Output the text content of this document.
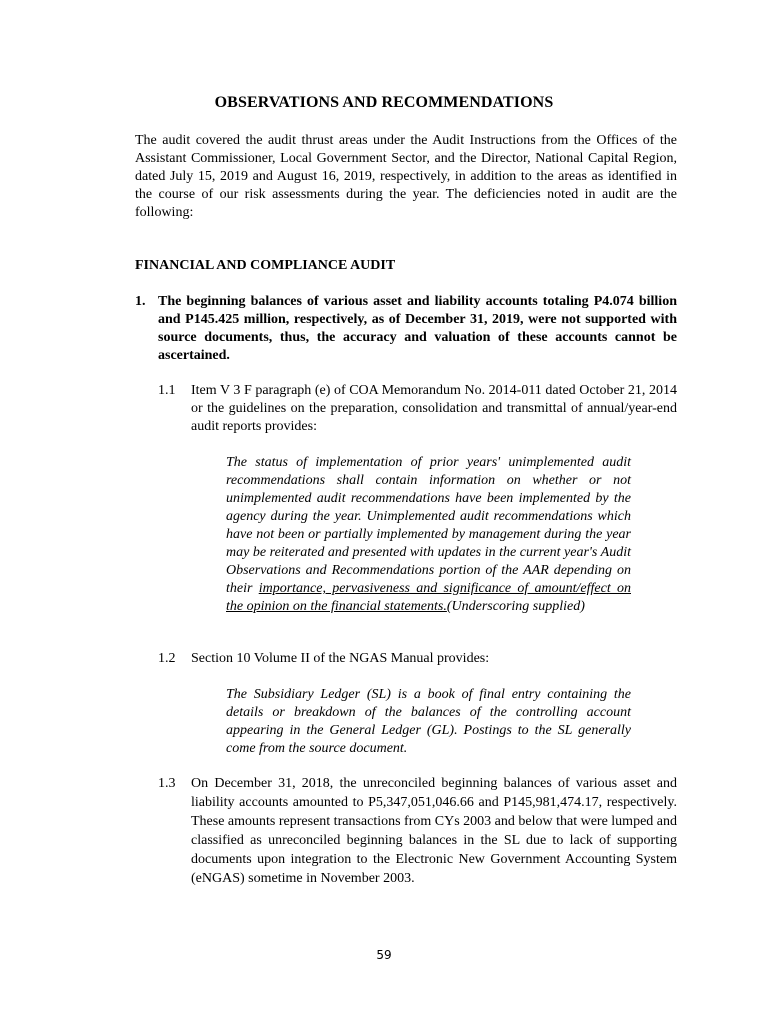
OBSERVATIONS AND RECOMMENDATIONS

The audit covered the audit thrust areas under the Audit Instructions from the Offices of the Assistant Commissioner, Local Government Sector, and the Director, National Capital Region, dated July 15, 2019 and August 16, 2019, respectively, in addition to the areas as identified in the course of our risk assessments during the year. The deficiencies noted in audit are the following:

FINANCIAL AND COMPLIANCE AUDIT
1. The beginning balances of various asset and liability accounts totaling P4.074 billion and P145.425 million, respectively, as of December 31, 2019, were not supported with source documents, thus, the accuracy and valuation of these accounts cannot be ascertained.
1.1 Item V 3 F paragraph (e) of COA Memorandum No. 2014-011 dated October 21, 2014 or the guidelines on the preparation, consolidation and transmittal of annual/year-end audit reports provides:
The status of implementation of prior years' unimplemented audit recommendations shall contain information on whether or not unimplemented audit recommendations have been implemented by the agency during the year. Unimplemented audit recommendations which have not been or partially implemented by management during the year may be reiterated and presented with updates in the current year's Audit Observations and Recommendations portion of the AAR depending on their importance, pervasiveness and significance of amount/effect on the opinion on the financial statements.(Underscoring supplied)
1.2 Section 10 Volume II of the NGAS Manual provides:
The Subsidiary Ledger (SL) is a book of final entry containing the details or breakdown of the balances of the controlling account appearing in the General Ledger (GL). Postings to the SL generally come from the source document.
1.3 On December 31, 2018, the unreconciled beginning balances of various asset and liability accounts amounted to P5,347,051,046.66 and P145,981,474.17, respectively. These amounts represent transactions from CYs 2003 and below that were lumped and classified as unreconciled beginning balances in the SL due to lack of supporting documents upon integration to the Electronic New Government Accounting System (eNGAS) sometime in November 2003.
59
